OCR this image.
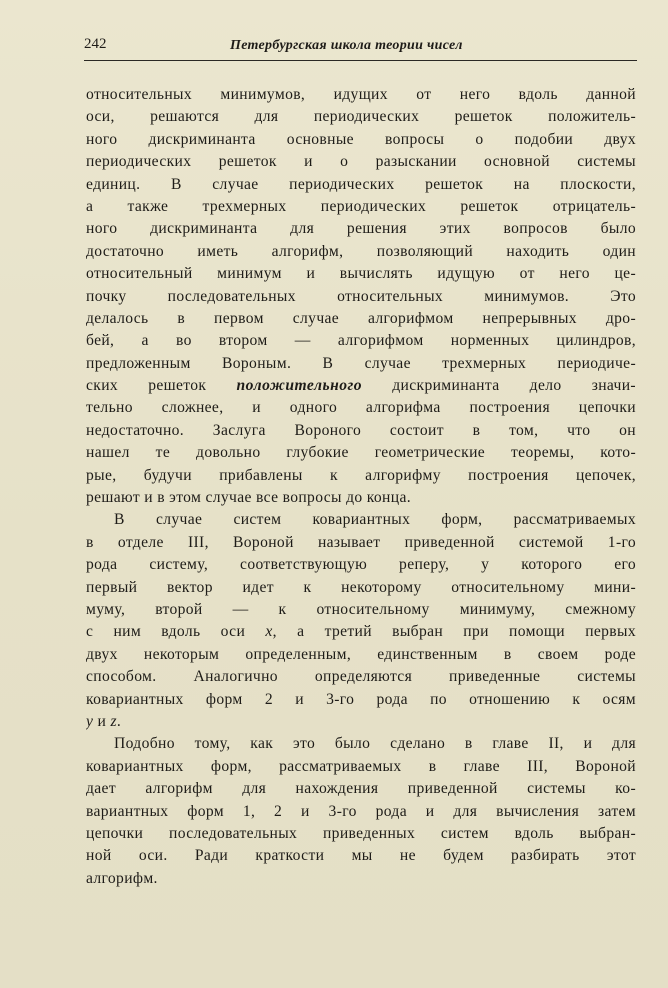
242	Петербургская школа теории чисел
относительных минимумов, идущих от него вдоль данной
оси, решаются для периодических решеток положитель-
ного дискриминанта основные вопросы о подобии двух
периодических решеток и о разыскании основной системы
единиц. В случае периодических решеток на плоскости,
а также трехмерных периодических решеток отрицатель-
ного дискриминанта для решения этих вопросов было
достаточно иметь алгорифм, позволяющий находить один
относительный минимум и вычислять идущую от него це-
почку последовательных относительных минимумов. Это
делалось в первом случае алгорифмом непрерывных дро-
бей, а во втором — алгорифмом норменных цилиндров,
предложенным Вороным. В случае трехмерных периодиче-
ских решеток положительного дискриминанта дело значи-
тельно сложнее, и одного алгорифма построения цепочки
недостаточно. Заслуга Вороного состоит в том, что он
нашел те довольно глубокие геометрические теоремы, кото-
рые, будучи прибавлены к алгорифму построения цепочек,
решают и в этом случае все вопросы до конца.
В случае систем ковариантных форм, рассматриваемых
в отделе III, Вороной называет приведенной системой 1-го
рода систему, соответствующую реперу, у которого его
первый вектор идет к некоторому относительному мини-
муму, второй — к относительному минимуму, смежному
с ним вдоль оси x, а третий выбран при помощи первых
двух некоторым определенным, единственным в своем роде
способом. Аналогично определяются приведенные системы
ковариантных форм 2 и 3-го рода по отношению к осям
y и z.
Подобно тому, как это было сделано в главе II, и для
ковариантных форм, рассматриваемых в главе III, Вороной
дает алгорифм для нахождения приведенной системы ко-
вариантных форм 1, 2 и 3-го рода и для вычисления затем
цепочки последовательных приведенных систем вдоль выбран-
ной оси. Ради краткости мы не будем разбирать этот
алгорифм.
